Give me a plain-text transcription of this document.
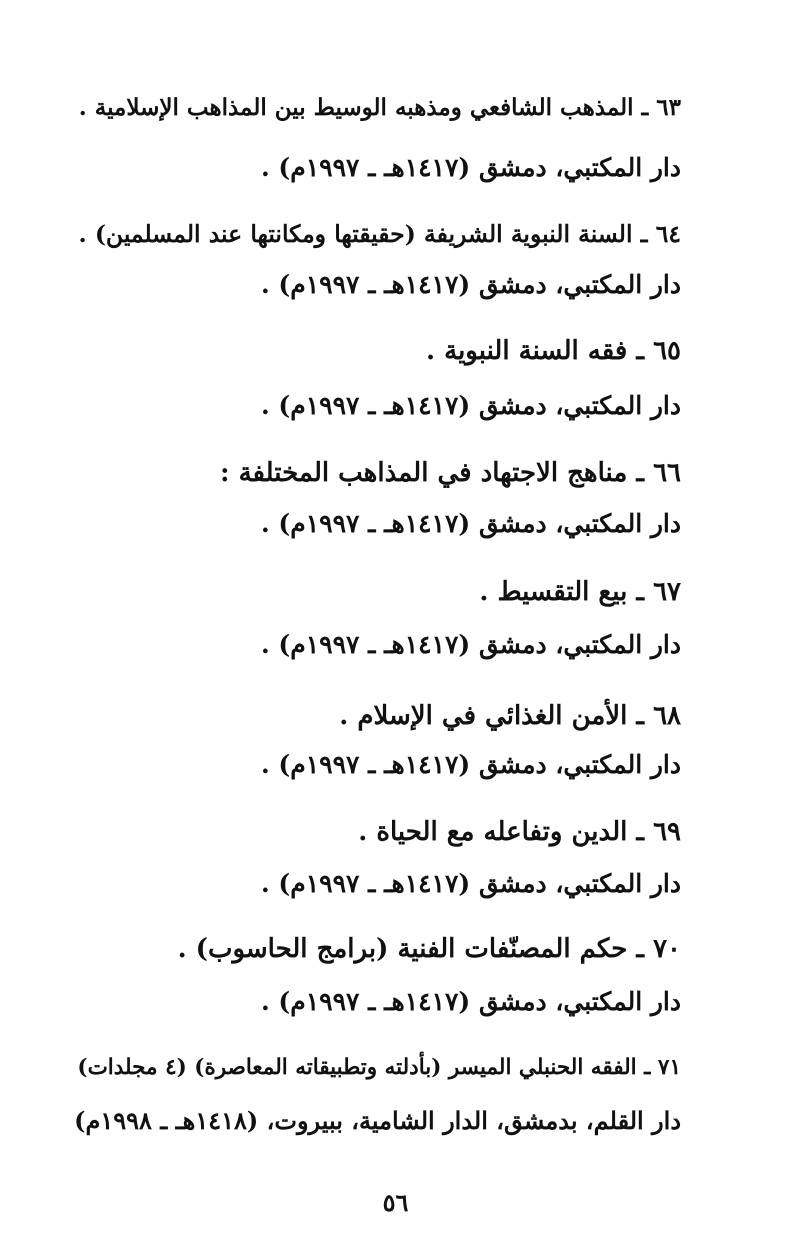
٦٣ ـ المذهب الشافعي ومذهبه الوسيط بين المذاهب الإسلامية .
دار المكتبي، دمشق (١٤١٧هـ ـ ١٩٩٧م) .
٦٤ ـ السنة النبوية الشريفة (حقيقتها ومكانتها عند المسلمين) .
دار المكتبي، دمشق (١٤١٧هـ ـ ١٩٩٧م) .
٦٥ ـ فقه السنة النبوية .
دار المكتبي، دمشق (١٤١٧هـ ـ ١٩٩٧م) .
٦٦ ـ مناهج الاجتهاد في المذاهب المختلفة :
دار المكتبي، دمشق (١٤١٧هـ ـ ١٩٩٧م) .
٦٧ ـ بيع التقسيط .
دار المكتبي، دمشق (١٤١٧هـ ـ ١٩٩٧م) .
٦٨ ـ الأمن الغذائي في الإسلام .
دار المكتبي، دمشق (١٤١٧هـ ـ ١٩٩٧م) .
٦٩ ـ الدين وتفاعله مع الحياة .
دار المكتبي، دمشق (١٤١٧هـ ـ ١٩٩٧م) .
٧٠ ـ حكم المصنّفات الفنية (برامج الحاسوب) .
دار المكتبي، دمشق (١٤١٧هـ ـ ١٩٩٧م) .
٧١ ـ الفقه الحنبلي الميسر (بأدلته وتطبيقاته المعاصرة) (٤ مجلدات)
دار القلم، بدمشق، الدار الشامية، ببيروت، (١٤١٨هـ ـ ١٩٩٨م)
٥٦
